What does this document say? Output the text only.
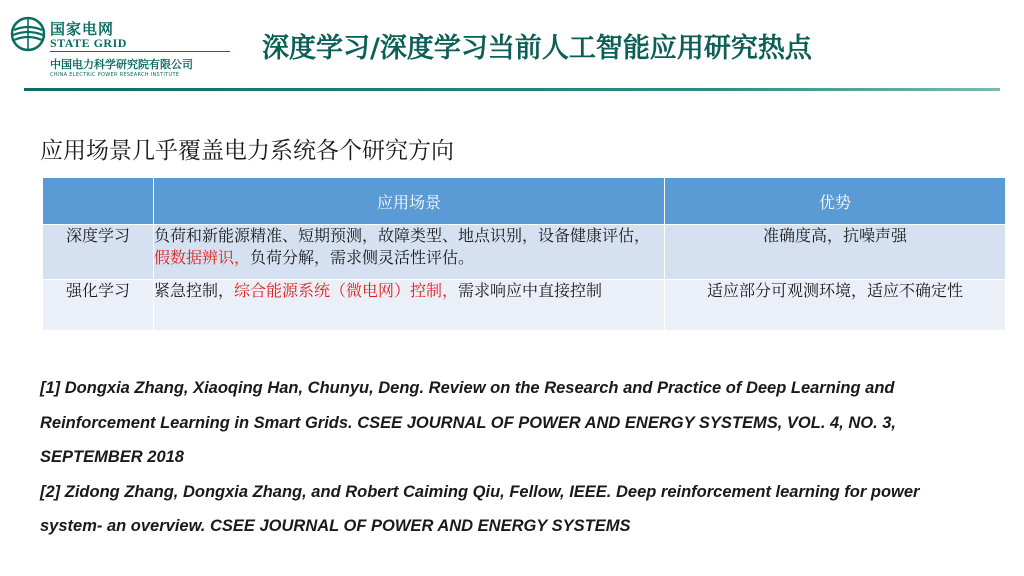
国家电网
STATE GRID
中国电力科学研究院有限公司
CHINA ELECTRIC POWER RESEARCH INSTITUTE
深度学习/深度学习当前人工智能应用研究热点
应用场景几乎覆盖电力系统各个研究方向
	应用场景	优势
深度学习	负荷和新能源精准、短期预测，故障类型、地点识别，设备健康评估，假数据辨识，负荷分解，需求侧灵活性评估。	准确度高，抗噪声强
强化学习	紧急控制，综合能源系统（微电网）控制，需求响应中直接控制	适应部分可观测环境，适应不确定性

[1] Dongxia Zhang, Xiaoqing Han, Chunyu, Deng. Review on the Research and Practice of Deep Learning and Reinforcement Learning in Smart Grids. CSEE JOURNAL OF POWER AND ENERGY SYSTEMS, VOL. 4, NO. 3, SEPTEMBER 2018

[2] Zidong Zhang, Dongxia Zhang, and Robert Caiming Qiu, Fellow, IEEE. Deep reinforcement learning for power system- an overview. CSEE JOURNAL OF POWER AND ENERGY SYSTEMS
